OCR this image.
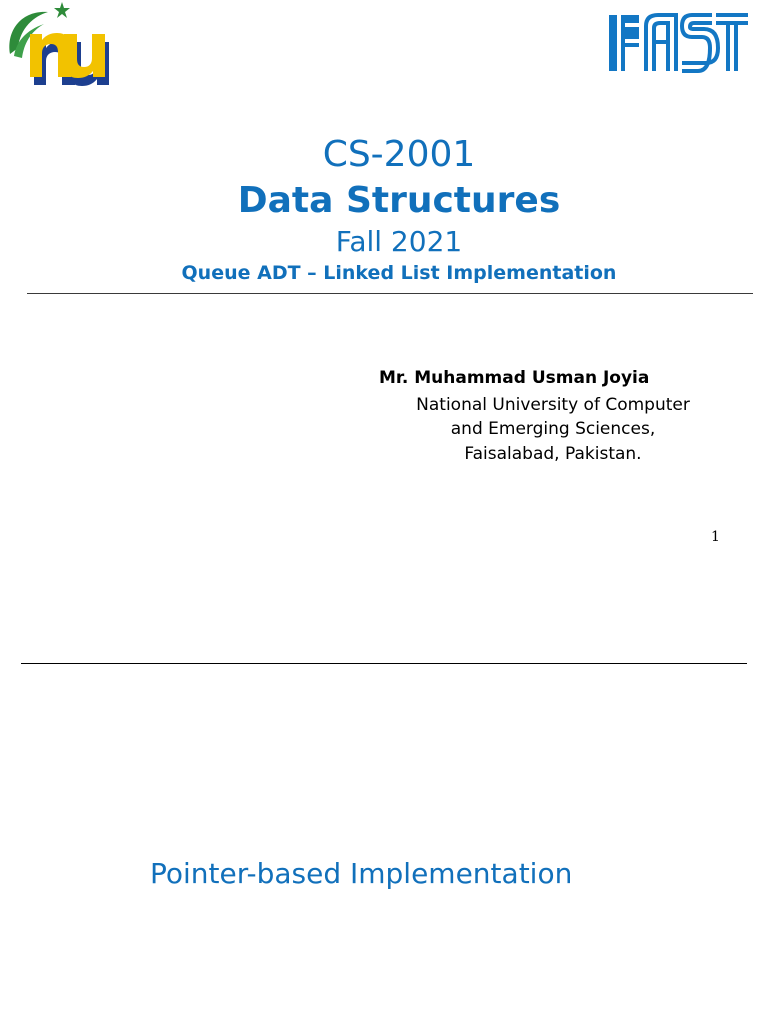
CS-2001
Data Structures
Fall 2021
Queue ADT – Linked List Implementation
Mr. Muhammad Usman Joyia
National University of Computer
and Emerging Sciences,
Faisalabad, Pakistan.
1
Pointer-based Implementation
